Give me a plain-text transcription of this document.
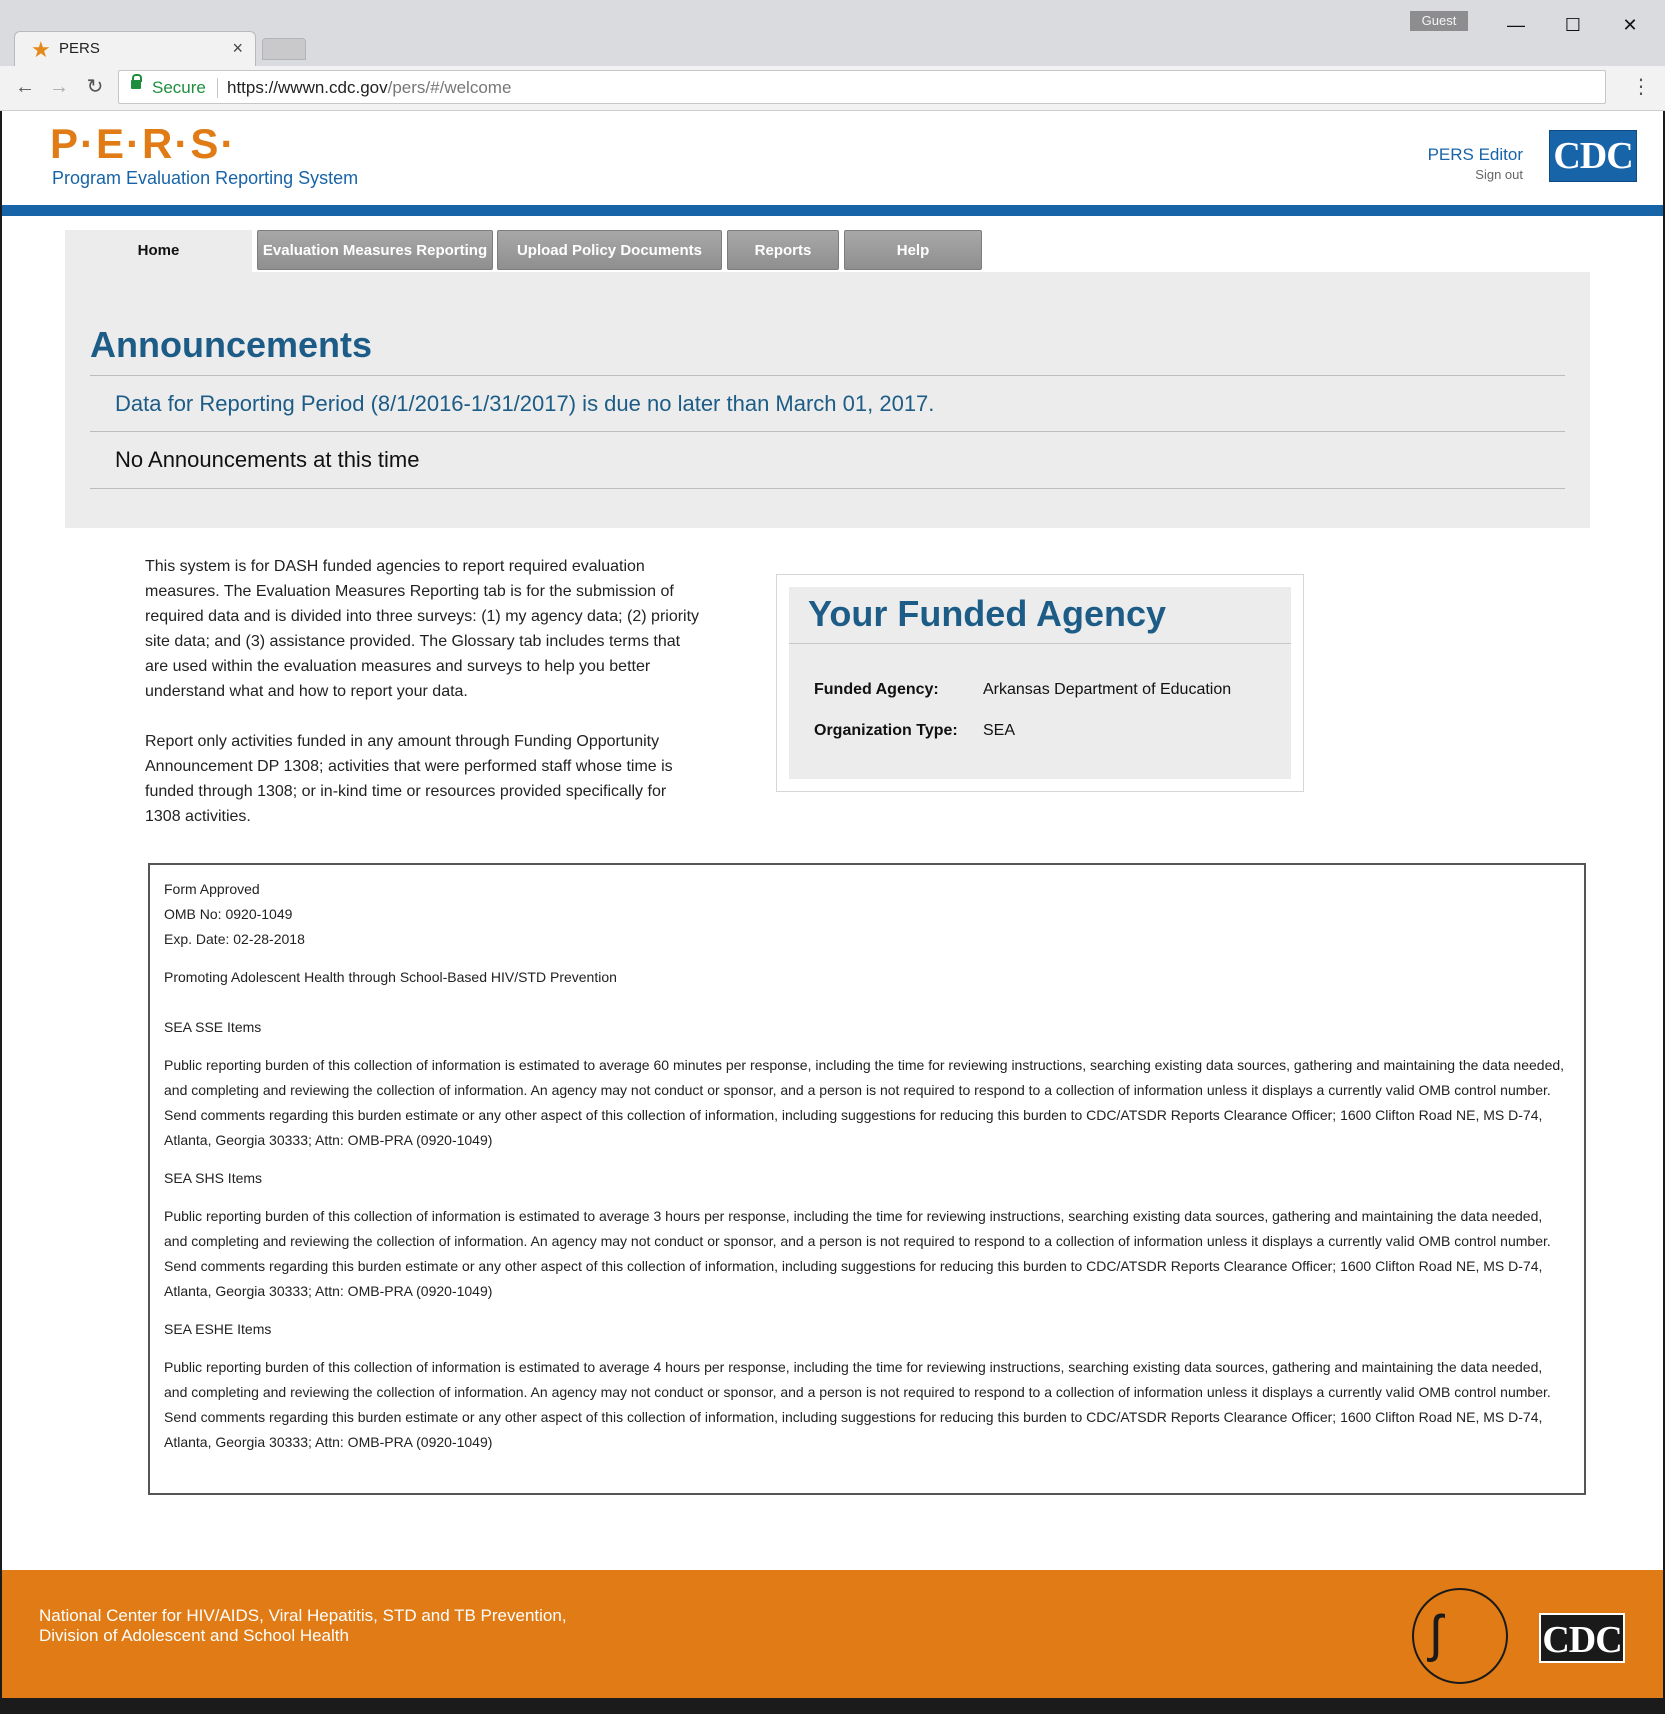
★ PERS	×
Guest	—	☐	✕
← → ↻	Secure https://wwwn.cdc.gov/pers/#/welcome	⋮
P·E·R·S·
Program Evaluation Reporting System
PERS Editor
Sign out CDC
Home	Evaluation Measures Reporting	Upload Policy Documents	Reports	Help
Announcements
Data for Reporting Period (8/1/2016-1/31/2017) is due no later than March 01, 2017.
No Announcements at this time

This system is for DASH funded agencies to report required evaluation measures. The Evaluation Measures Reporting tab is for the submission of required data and is divided into three surveys: (1) my agency data; (2) priority site data; and (3) assistance provided. The Glossary tab includes terms that are used within the evaluation measures and surveys to help you better understand what and how to report your data.

Report only activities funded in any amount through Funding Opportunity Announcement DP 1308; activities that were performed staff whose time is funded through 1308; or in-kind time or resources provided specifically for 1308 activities.

Your Funded Agency
Funded Agency:	Arkansas Department of Education
Organization Type: SEA

Form Approved

OMB No: 0920-1049

Exp. Date: 02-28-2018

Promoting Adolescent Health through School-Based HIV/STD Prevention

SEA SSE Items

Public reporting burden of this collection of information is estimated to average 60 minutes per response, including the time for reviewing instructions, searching existing data sources, gathering and maintaining the data needed, and completing and reviewing the collection of information. An agency may not conduct or sponsor, and a person is not required to respond to a collection of information unless it displays a currently valid OMB control number. Send comments regarding this burden estimate or any other aspect of this collection of information, including suggestions for reducing this burden to CDC/ATSDR Reports Clearance Officer; 1600 Clifton Road NE, MS D-74, Atlanta, Georgia 30333; Attn: OMB-PRA (0920-1049)

SEA SHS Items

Public reporting burden of this collection of information is estimated to average 3 hours per response, including the time for reviewing instructions, searching existing data sources, gathering and maintaining the data needed, and completing and reviewing the collection of information. An agency may not conduct or sponsor, and a person is not required to respond to a collection of information unless it displays a currently valid OMB control number. Send comments regarding this burden estimate or any other aspect of this collection of information, including suggestions for reducing this burden to CDC/ATSDR Reports Clearance Officer; 1600 Clifton Road NE, MS D-74, Atlanta, Georgia 30333; Attn: OMB-PRA (0920-1049)

SEA ESHE Items

Public reporting burden of this collection of information is estimated to average 4 hours per response, including the time for reviewing instructions, searching existing data sources, gathering and maintaining the data needed, and completing and reviewing the collection of information. An agency may not conduct or sponsor, and a person is not required to respond to a collection of information unless it displays a currently valid OMB control number. Send comments regarding this burden estimate or any other aspect of this collection of information, including suggestions for reducing this burden to CDC/ATSDR Reports Clearance Officer; 1600 Clifton Road NE, MS D-74, Atlanta, Georgia 30333; Attn: OMB-PRA (0920-1049)

National Center for HIV/AIDS, Viral Hepatitis, STD and TB Prevention,
Division of Adolescent and School Health	ʃ	CDC
